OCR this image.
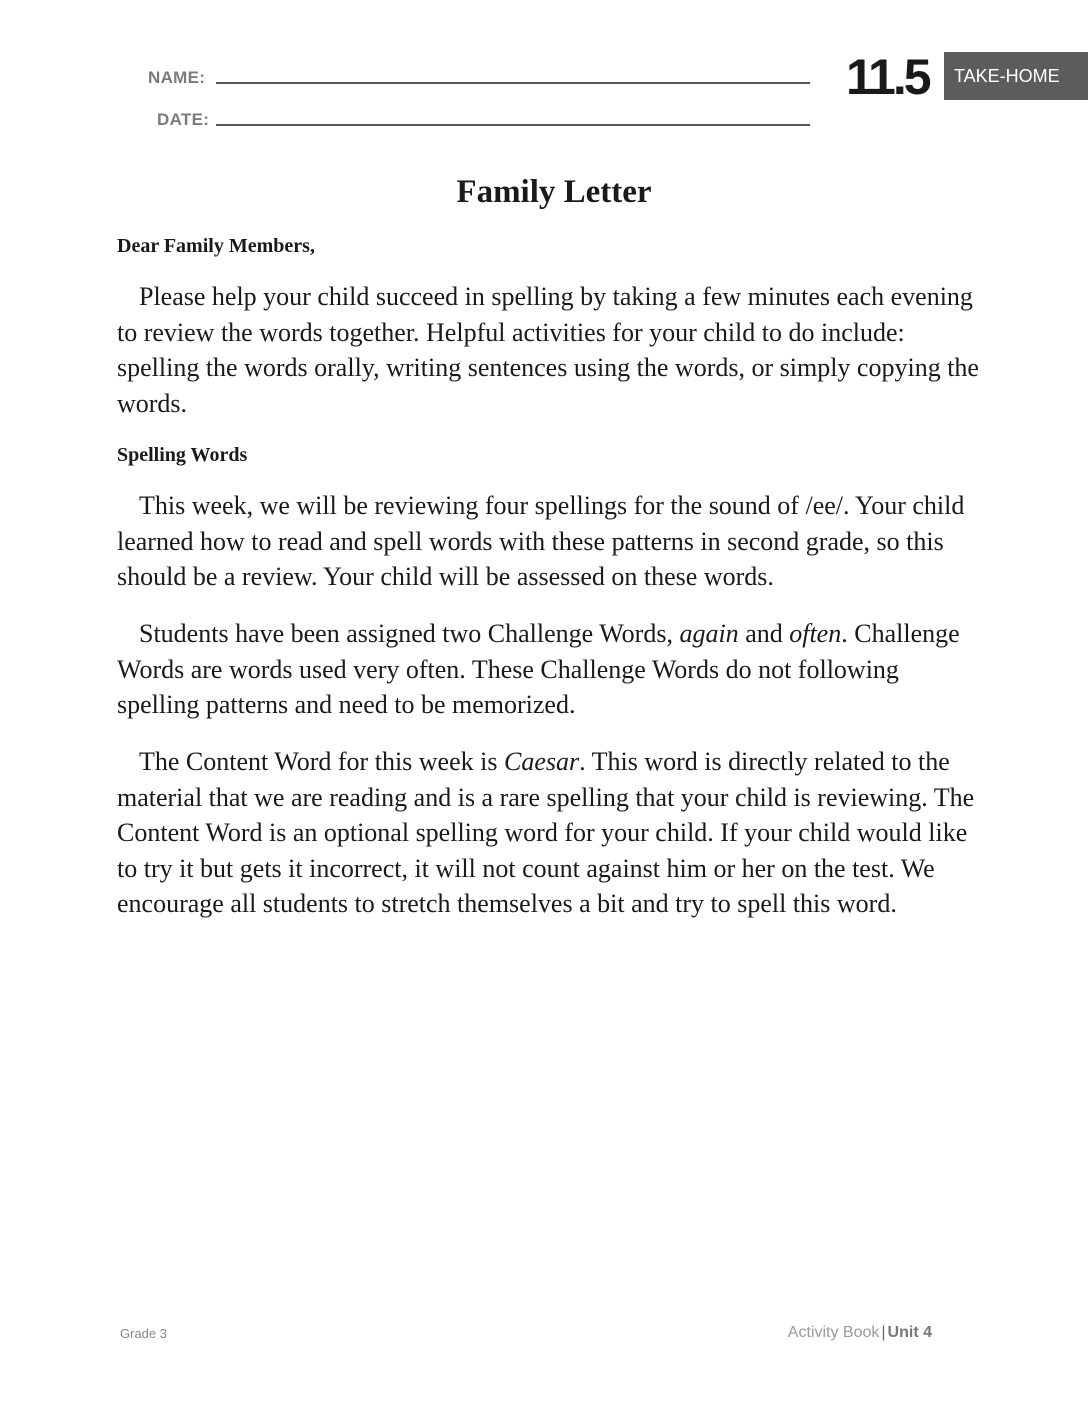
NAME:
DATE:
11.5	TAKE-HOME
Family Letter
Dear Family Members,

Please help your child succeed in spelling by taking a few minutes each evening to review the words together. Helpful activities for your child to do include: spelling the words orally, writing sentences using the words, or simply copying the words.

Spelling Words

This week, we will be reviewing four spellings for the sound of /ee/. Your child learned how to read and spell words with these patterns in second grade, so this should be a review. Your child will be assessed on these words.

Students have been assigned two Challenge Words, again and often. Challenge Words are words used very often. These Challenge Words do not following spelling patterns and need to be memorized.

The Content Word for this week is Caesar. This word is directly related to the material that we are reading and is a rare spelling that your child is reviewing. The Content Word is an optional spelling word for your child. If your child would like to try it but gets it incorrect, it will not count against him or her on the test. We encourage all students to stretch themselves a bit and try to spell this word.

Grade 3	Activity Book | Unit 4
